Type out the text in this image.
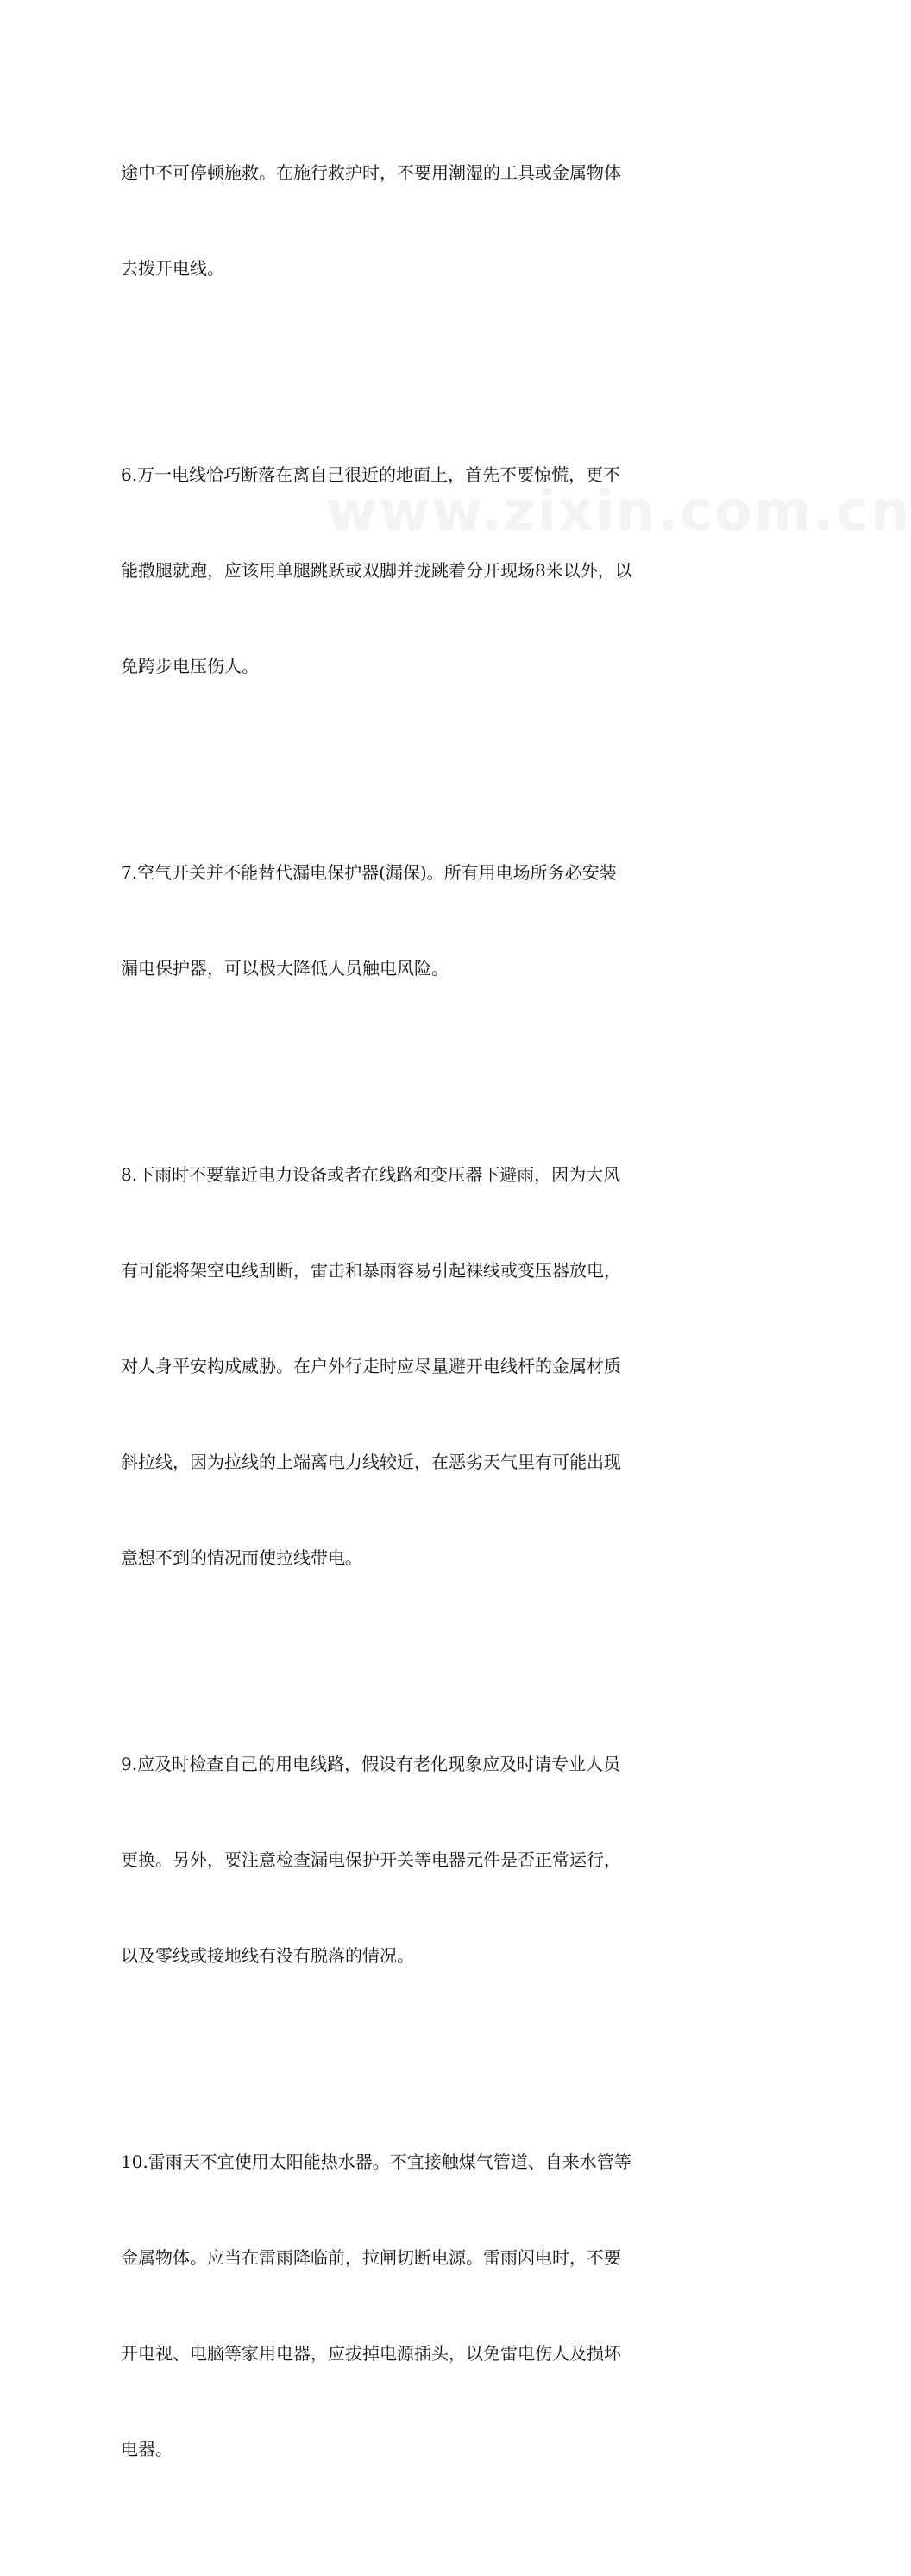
途中不可停顿施救。在施行救护时，不要用潮湿的工具或金属物体

去拨开电线。

6.万一电线恰巧断落在离自己很近的地面上，首先不要惊慌，更不

能撒腿就跑，应该用单腿跳跃或双脚并拢跳着分开现场8米以外，以

免跨步电压伤人。

7.空气开关并不能替代漏电保护器(漏保)。所有用电场所务必安装

漏电保护器，可以极大降低人员触电风险。

8.下雨时不要靠近电力设备或者在线路和变压器下避雨，因为大风

有可能将架空电线刮断，雷击和暴雨容易引起裸线或变压器放电，

对人身平安构成威胁。在户外行走时应尽量避开电线杆的金属材质

斜拉线，因为拉线的上端离电力线较近，在恶劣天气里有可能出现

意想不到的情况而使拉线带电。

9.应及时检查自己的用电线路，假设有老化现象应及时请专业人员

更换。另外，要注意检查漏电保护开关等电器元件是否正常运行，

以及零线或接地线有没有脱落的情况。

10.雷雨天不宜使用太阳能热水器。不宜接触煤气管道、自来水管等

金属物体。应当在雷雨降临前，拉闸切断电源。雷雨闪电时，不要

开电视、电脑等家用电器，应拔掉电源插头，以免雷电伤人及损坏

电器。

www.zixin.com.cn
